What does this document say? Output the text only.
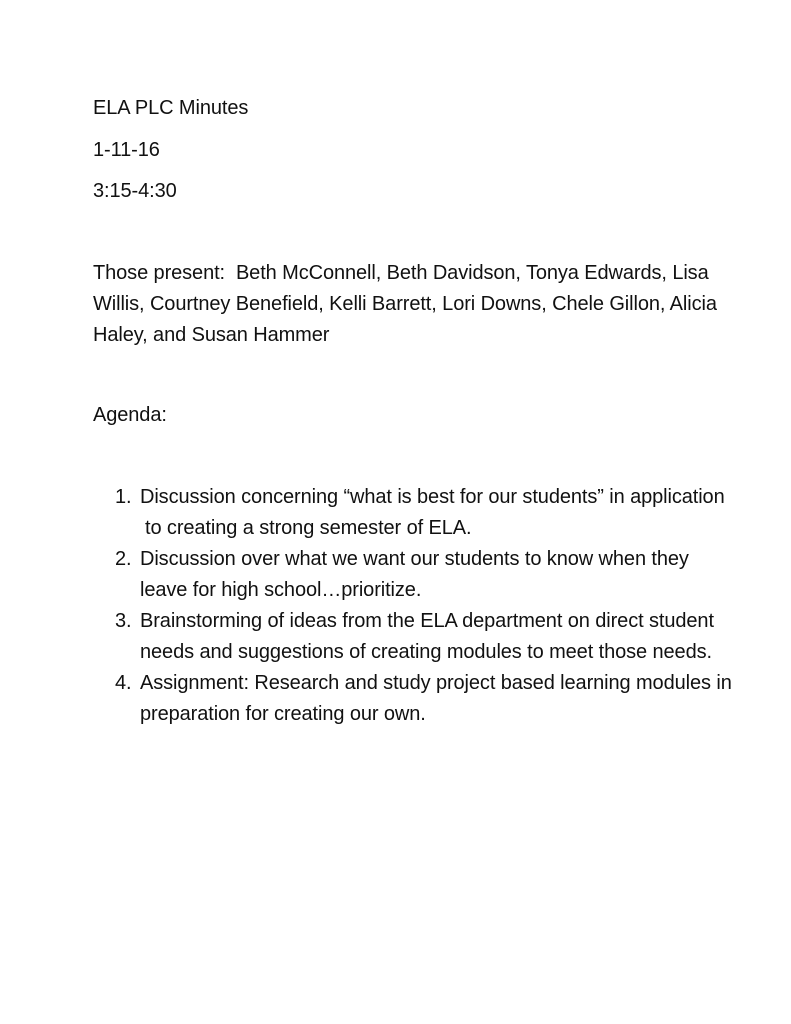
ELA PLC Minutes
1-11-16
3:15-4:30
Those present: Beth McConnell, Beth Davidson, Tonya Edwards, Lisa Willis, Courtney Benefield, Kelli Barrett, Lori Downs, Chele Gillon, Alicia Haley, and Susan Hammer
Agenda:
1. Discussion concerning “what is best for our students” in application to creating a strong semester of ELA.
2. Discussion over what we want our students to know when they leave for high school…prioritize.
3. Brainstorming of ideas from the ELA department on direct student needs and suggestions of creating modules to meet those needs.
4. Assignment: Research and study project based learning modules in preparation for creating our own.
